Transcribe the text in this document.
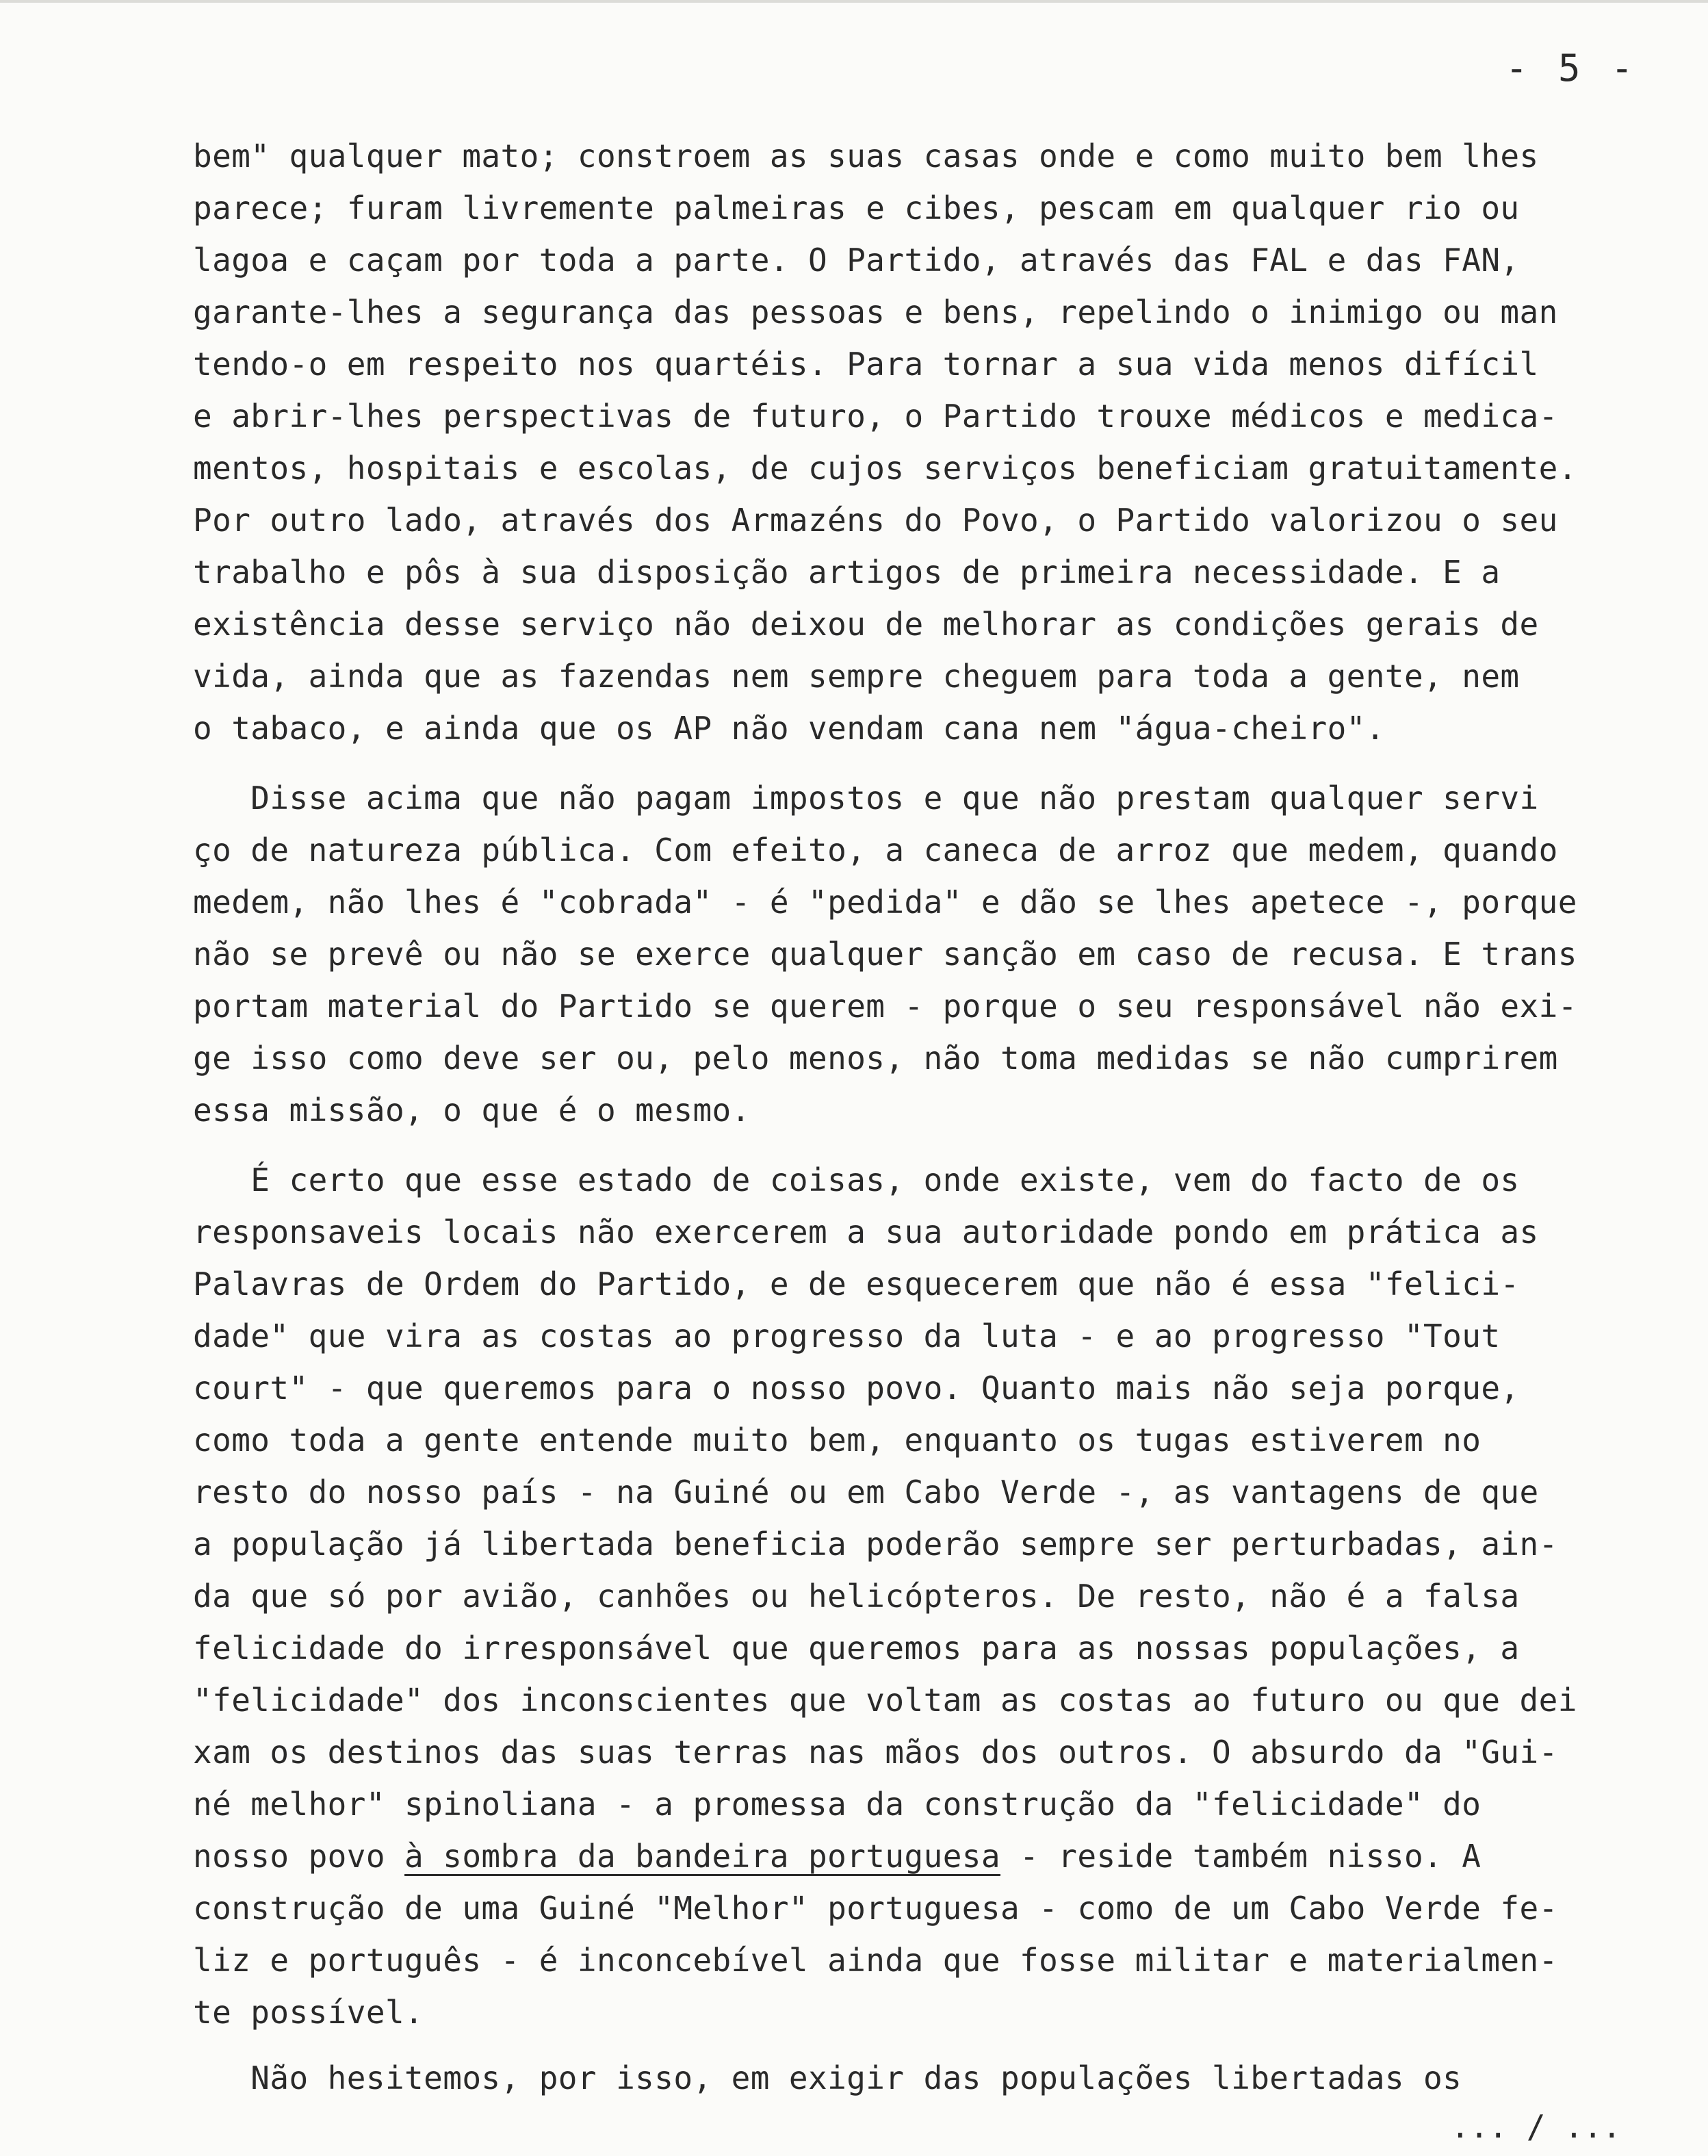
- 5 -

bem" qualquer mato; constroem as suas casas onde e como muito bem lhes

parece; furam livremente palmeiras e cibes, pescam em qualquer rio ou

lagoa e caçam por toda a parte. O Partido, através das FAL e das FAN,

garante-lhes a segurança das pessoas e bens, repelindo o inimigo ou man

tendo-o em respeito nos quartéis. Para tornar a sua vida menos difícil

e abrir-lhes perspectivas de futuro, o Partido trouxe médicos e medica-

mentos, hospitais e escolas, de cujos serviços beneficiam gratuitamente.

Por outro lado, através dos Armazéns do Povo, o Partido valorizou o seu

trabalho e pôs à sua disposição artigos de primeira necessidade. E a

existência desse serviço não deixou de melhorar as condições gerais de

vida, ainda que as fazendas nem sempre cheguem para toda a gente, nem

o tabaco, e ainda que os AP não vendam cana nem "água-cheiro".

Disse acima que não pagam impostos e que não prestam qualquer servi

ço de natureza pública. Com efeito, a caneca de arroz que medem, quando

medem, não lhes é "cobrada" - é "pedida" e dão se lhes apetece -, porque

não se prevê ou não se exerce qualquer sanção em caso de recusa. E trans

portam material do Partido se querem - porque o seu responsável não exi-

ge isso como deve ser ou, pelo menos, não toma medidas se não cumprirem

essa missão, o que é o mesmo.

É certo que esse estado de coisas, onde existe, vem do facto de os

responsaveis locais não exercerem a sua autoridade pondo em prática as

Palavras de Ordem do Partido, e de esquecerem que não é essa "felici-

dade" que vira as costas ao progresso da luta - e ao progresso "Tout

court" - que queremos para o nosso povo. Quanto mais não seja porque,

como toda a gente entende muito bem, enquanto os tugas estiverem no

resto do nosso país - na Guiné ou em Cabo Verde -, as vantagens de que

a população já libertada beneficia poderão sempre ser perturbadas, ain-

da que só por avião, canhões ou helicópteros. De resto, não é a falsa

felicidade do irresponsável que queremos para as nossas populações, a

"felicidade" dos inconscientes que voltam as costas ao futuro ou que dei

xam os destinos das suas terras nas mãos dos outros. O absurdo da "Gui-

né melhor" spinoliana - a promessa da construção da "felicidade" do

nosso povo à sombra da bandeira portuguesa - reside também nisso. A

construção de uma Guiné "Melhor" portuguesa - como de um Cabo Verde fe-

liz e português - é inconcebível ainda que fosse militar e materialmen-

te possível.

Não hesitemos, por isso, em exigir das populações libertadas os

... / ...
